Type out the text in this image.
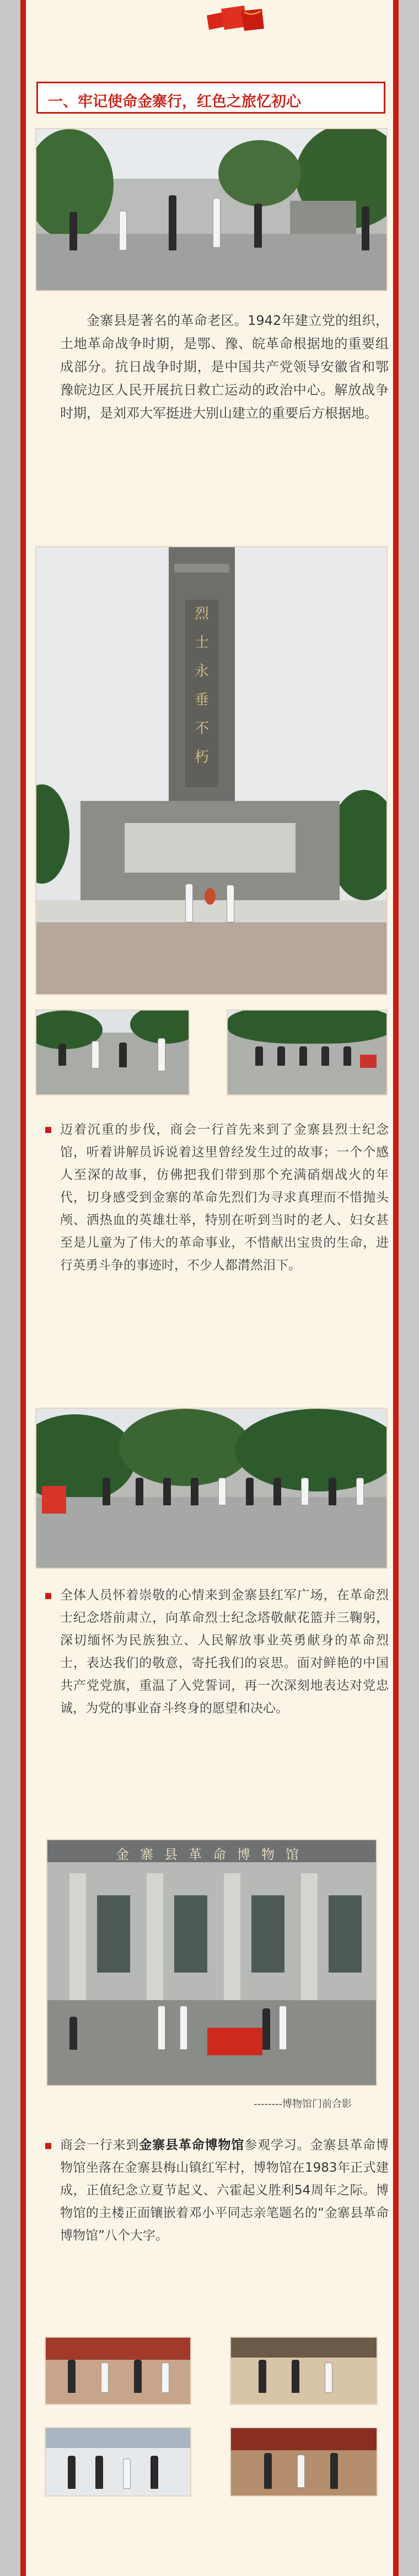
一、牢记使命金寨行，红色之旅忆初心

金寨县是著名的革命老区。1942年建立党的组织，土地革命战争时期，是鄂、豫、皖革命根据地的重要组成部分。抗日战争时期，是中国共产党领导安徽省和鄂豫皖边区人民开展抗日救亡运动的政治中心。解放战争时期，是刘邓大军挺进大别山建立的重要后方根据地。

烈
士
永
垂
不
朽

迈着沉重的步伐，商会一行首先来到了金寨县烈士纪念馆，听着讲解员诉说着这里曾经发生过的故事；一个个感人至深的故事，仿佛把我们带到那个充满硝烟战火的年代，切身感受到金寨的革命先烈们为寻求真理而不惜抛头颅、洒热血的英雄壮举，特别在听到当时的老人、妇女甚至是儿童为了伟大的革命事业，不惜献出宝贵的生命，进行英勇斗争的事迹时，不少人都潸然泪下。

全体人员怀着崇敬的心情来到金寨县红军广场，在革命烈士纪念塔前肃立，向革命烈士纪念塔敬献花篮并三鞠躬，深切缅怀为民族独立、人民解放事业英勇献身的革命烈士，表达我们的敬意，寄托我们的哀思。面对鲜艳的中国共产党党旗，重温了入党誓词，再一次深刻地表达对党忠诚，为党的事业奋斗终身的愿望和决心。

金寨县革命博物馆
--------博物馆门前合影

商会一行来到金寨县革命博物馆参观学习。金寨县革命博物馆坐落在金寨县梅山镇红军村，博物馆在1983年正式建成，正值纪念立夏节起义、六霍起义胜利54周年之际。博物馆的主楼正面镶嵌着邓小平同志亲笔题名的“金寨县革命博物馆”八个大字。
